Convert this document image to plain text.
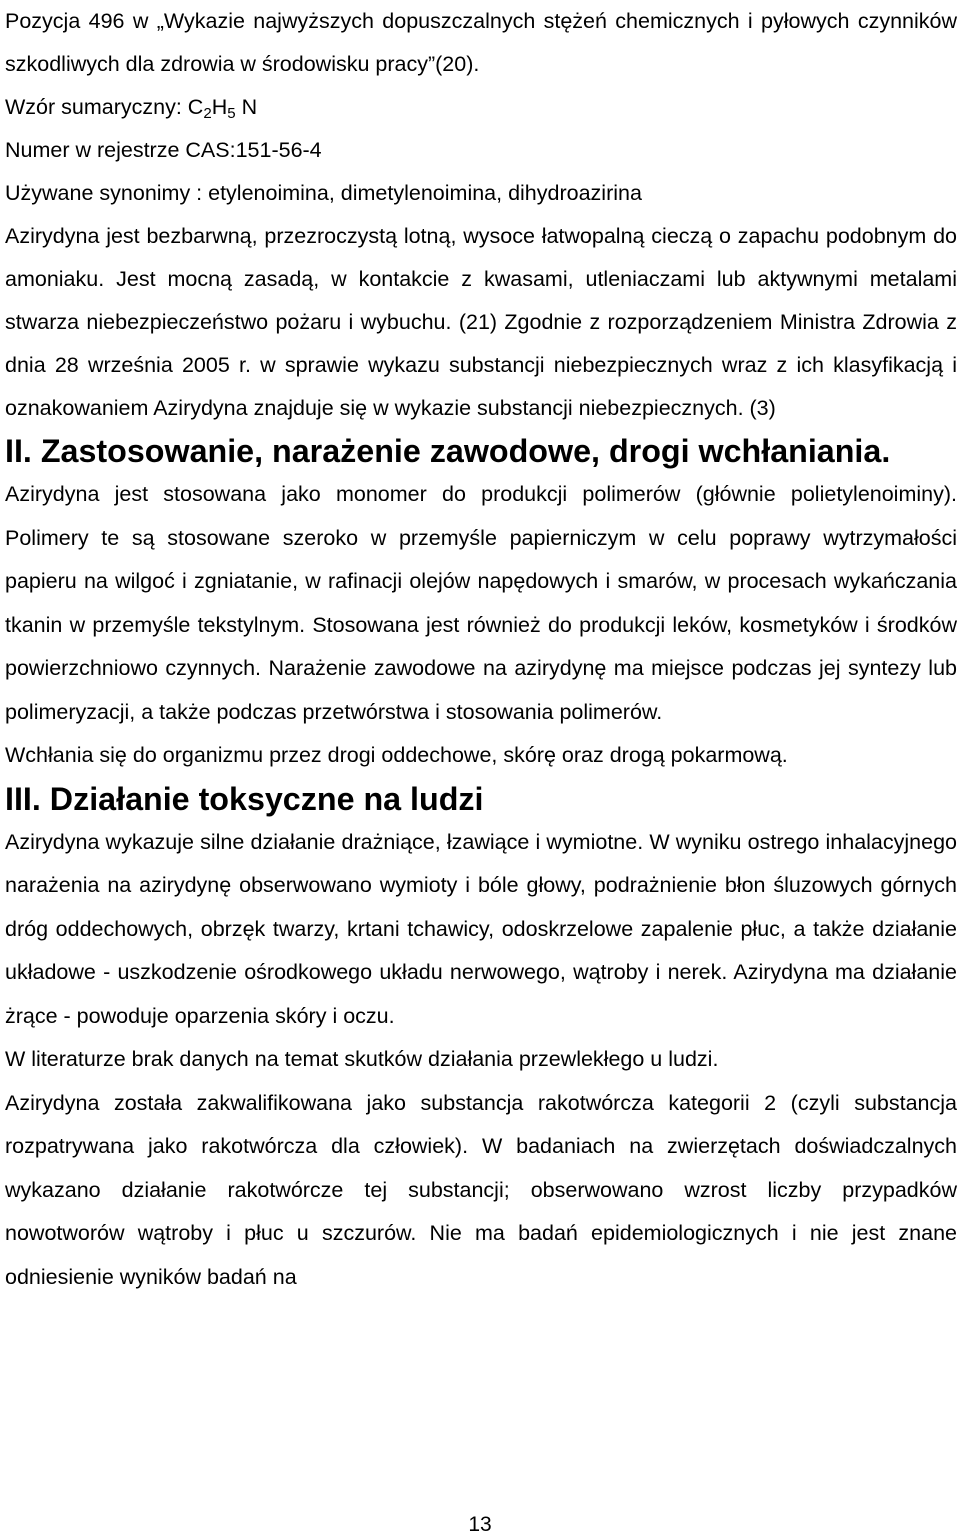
Pozycja 496 w „Wykazie najwyższych dopuszczalnych stężeń chemicznych i pyłowych czynników szkodliwych dla zdrowia w środowisku pracy”(20).

Wzór sumaryczny: $C_2H_5$ N

Numer w rejestrze CAS:151-56-4

Używane synonimy : etylenoimina, dimetylenoimina, dihydroazirina

Azirydyna jest bezbarwną, przezroczystą lotną, wysoce łatwopalną cieczą o zapachu podobnym do amoniaku. Jest mocną zasadą, w kontakcie z kwasami, utleniaczami lub aktywnymi metalami stwarza niebezpieczeństwo pożaru i wybuchu. (21) Zgodnie z rozporządzeniem Ministra Zdrowia z dnia 28 września 2005 r. w sprawie wykazu substancji niebezpiecznych wraz z ich klasyfikacją i oznakowaniem Azirydyna znajduje się w wykazie substancji niebezpiecznych. (3)

II. Zastosowanie, narażenie zawodowe, drogi wchłaniania.

Azirydyna jest stosowana jako monomer do produkcji polimerów (głównie polietylenoiminy). Polimery te są stosowane szeroko w przemyśle papierniczym w celu poprawy wytrzymałości papieru na wilgoć i zgniatanie, w rafinacji olejów napędowych i smarów, w procesach wykańczania tkanin w przemyśle tekstylnym. Stosowana jest również do produkcji leków, kosmetyków i środków powierzchniowo czynnych. Narażenie zawodowe na azirydynę ma miejsce podczas jej syntezy lub polimeryzacji, a także podczas przetwórstwa i stosowania polimerów.

Wchłania się do organizmu przez drogi oddechowe, skórę oraz drogą pokarmową.

III. Działanie toksyczne na ludzi

Azirydyna wykazuje silne działanie drażniące, łzawiące i wymiotne. W wyniku ostrego inhalacyjnego narażenia na azirydynę obserwowano wymioty i bóle głowy, podrażnienie błon śluzowych górnych dróg oddechowych, obrzęk twarzy, krtani tchawicy, odoskrzelowe zapalenie płuc, a także działanie układowe - uszkodzenie ośrodkowego układu nerwowego, wątroby i nerek. Azirydyna ma działanie żrące - powoduje oparzenia skóry i oczu.

W literaturze brak danych na temat skutków działania przewlekłego u ludzi.

Azirydyna została zakwalifikowana jako substancja rakotwórcza kategorii 2 (czyli substancja rozpatrywana jako rakotwórcza dla człowiek). W badaniach na zwierzętach doświadczalnych wykazano działanie rakotwórcze tej substancji; obserwowano wzrost liczby przypadków nowotworów wątroby i płuc u szczurów. Nie ma badań epidemiologicznych i nie jest znane odniesienie wyników badań na

13
